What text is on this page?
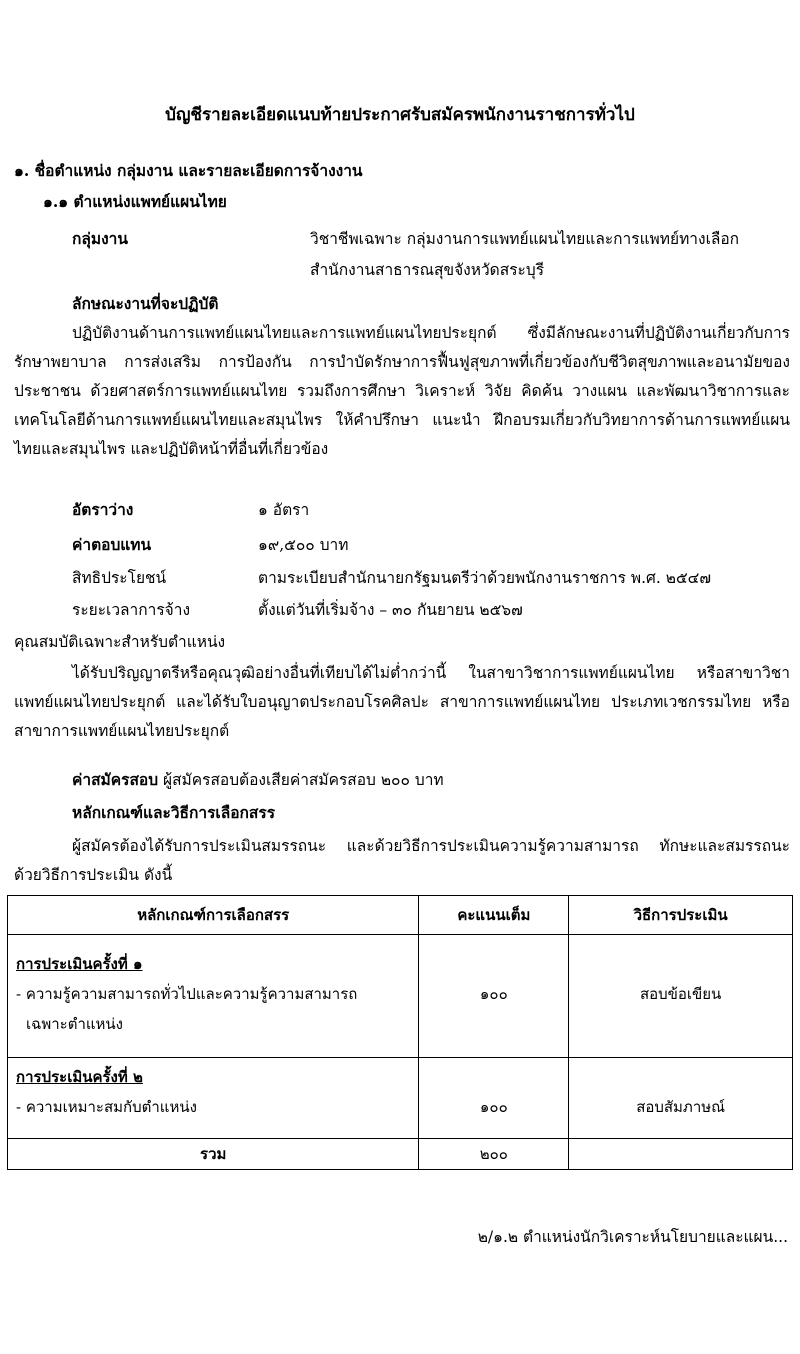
บัญชีรายละเอียดแนบท้ายประกาศรับสมัครพนักงานราชการทั่วไป
๑. ชื่อตำแหน่ง กลุ่มงาน และรายละเอียดการจ้างงาน
๑.๑ ตำแหน่งแพทย์แผนไทย
กลุ่มงาน	วิชาชีพเฉพาะ กลุ่มงานการแพทย์แผนไทยและการแพทย์ทางเลือก
สำนักงานสาธารณสุขจังหวัดสระบุรี
ลักษณะงานที่จะปฏิบัติ
ปฏิบัติงานด้านการแพทย์แผนไทยและการแพทย์แผนไทยประยุกต์ ซึ่งมีลักษณะงานที่ปฏิบัติงานเกี่ยวกับการรักษาพยาบาล การส่งเสริม การป้องกัน การบำบัดรักษาการฟื้นฟูสุขภาพที่เกี่ยวข้องกับชีวิตสุขภาพและอนามัยของประชาชน ด้วยศาสตร์การแพทย์แผนไทย รวมถึงการศึกษา วิเคราะห์ วิจัย คิดค้น วางแผน และพัฒนาวิชาการและเทคโนโลยีด้านการแพทย์แผนไทยและสมุนไพร ให้คำปรึกษา แนะนำ ฝึกอบรมเกี่ยวกับวิทยาการด้านการแพทย์แผนไทยและสมุนไพร และปฏิบัติหน้าที่อื่นที่เกี่ยวข้อง
อัตราว่าง	๑ อัตรา
ค่าตอบแทน	๑๙,๕๐๐ บาท
สิทธิประโยชน์	ตามระเบียบสำนักนายกรัฐมนตรีว่าด้วยพนักงานราชการ พ.ศ. ๒๕๔๗
ระยะเวลาการจ้าง	ตั้งแต่วันที่เริ่มจ้าง – ๓๐ กันยายน ๒๕๖๗
คุณสมบัติเฉพาะสำหรับตำแหน่ง
ได้รับปริญญาตรีหรือคุณวุฒิอย่างอื่นที่เทียบได้ไม่ต่ำกว่านี้ ในสาขาวิชาการแพทย์แผนไทย หรือสาขาวิชาแพทย์แผนไทยประยุกต์ และได้รับใบอนุญาตประกอบโรคศิลปะ สาขาการแพทย์แผนไทย ประเภทเวชกรรมไทย หรือสาขาการแพทย์แผนไทยประยุกต์
ค่าสมัครสอบ ผู้สมัครสอบต้องเสียค่าสมัครสอบ ๒๐๐ บาท
หลักเกณฑ์และวิธีการเลือกสรร
ผู้สมัครต้องได้รับการประเมินสมรรถนะ และด้วยวิธีการประเมินความรู้ความสามารถ ทักษะและสมรรถนะ ด้วยวิธีการประเมิน ดังนี้
หลักเกณฑ์การเลือกสรร	คะแนนเต็ม	วิธีการประเมิน

การประเมินครั้งที่ ๑
- ความรู้ความสามารถทั่วไปและความรู้ความสามารถ
เฉพาะตำแหน่ง	๑๐๐	สอบข้อเขียน

การประเมินครั้งที่ ๒
- ความเหมาะสมกับตำแหน่ง	๑๐๐	สอบสัมภาษณ์

รวม	๒๐๐	
๒/๑.๒ ตำแหน่งนักวิเคราะห์นโยบายและแผน...
